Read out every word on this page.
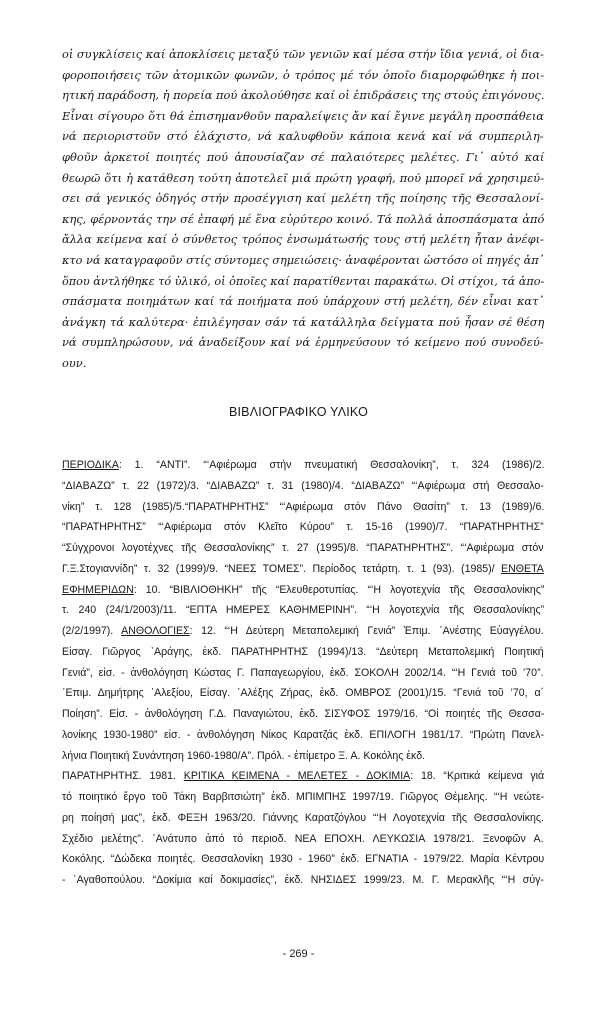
οἱ συγκλίσεις καί ἀποκλίσεις μεταξύ τῶν γενιῶν καί μέσα στήν ἴδια γενιά, οἱ δια-
φοροποιήσεις τῶν ἀτομικῶν φωνῶν, ὁ τρόπος μέ τόν ὁποῖο διαμορφώθηκε ἡ ποι-
ητική παράδοση, ἡ πορεία πού ἀκολούθησε καί οἱ ἐπιδράσεις της στούς ἐπιγόνους.
Εἶναι σίγουρο ὅτι θά ἐπισημανθοῦν παραλείψεις ἄν καί ἔγινε μεγάλη προσπάθεια
νά περιοριστοῦν στό ἐλάχιστο, νά καλυφθοῦν κάποια κενά καί νά συμπεριλη-
φθοῦν ἀρκετοί ποιητές πού ἀπουσίαζαν σέ παλαιότερες μελέτες. Γι᾽ αὐτό καί
θεωρῶ ὅτι ἡ κατάθεση τούτη ἀποτελεῖ μιά πρώτη γραφή, πού μπορεῖ νά χρησιμεύ-
σει σά γενικός ὁδηγός στήν προσέγγιση καί μελέτη τῆς ποίησης τῆς Θεσσαλονί-
κης, φέρνοντάς την σέ ἐπαφή μέ ἕνα εὐρύτερο κοινό. Τά πολλά ἀποσπάσματα ἀπό
ἄλλα κείμενα καί ὁ σύνθετος τρόπος ἐνσωμάτωσής τους στή μελέτη ἦταν ἀνέφι-
κτο νά καταγραφοῦν στίς σύντομες σημειώσεις· ἀναφέρονται ὡστόσο οἱ πηγές ἀπ᾽
ὅπου ἀντλήθηκε τό ὑλικό, οἱ ὁποῖες καί παρατίθενται παρακάτω. Οἱ στίχοι, τά ἀπο-
σπάσματα ποιημάτων καί τά ποιήματα πού ὑπάρχουν στή μελέτη, δέν εἶναι κατ᾽
ἀνάγκη τά καλύτερα· ἐπιλέγησαν σάν τά κατάλληλα δείγματα πού ἦσαν σέ θέση
νά συμπληρώσουν, νά ἀναδείξουν καί νά ἑρμηνεύσουν τό κείμενο πού συνοδεύ-
ουν.
ΒΙΒΛΙΟΓΡΑΦΙΚΟ ΥΛΙΚΟ
ΠΕΡΙΟΔΙΚΑ: 1. “ΑΝΤΙ”. “‘Αφιέρωμα στήν πνευματική Θεσσαλονίκη”, τ. 324 (1986)/2.
“ΔΙΑΒΑΖΩ” τ. 22 (1972)/3. “ΔΙΑΒΑΖΩ” τ. 31 (1980)/4. “ΔΙΑΒΑΖΩ” “‘Αφιέρωμα στή Θεσσαλο-
νίκη” τ. 128 (1985)/5.“ΠΑΡΑΤΗΡΗΤΗΣ” “‘Αφιέρωμα στόν Πάνο Θασίτη” τ. 13 (1989)/6.
“ΠΑΡΑΤΗΡΗΤΗΣ” “‘Αφιέρωμα στόν Κλεῖτο Κύρου” τ. 15-16 (1990)/7. “ΠΑΡΑΤΗΡΗΤΗΣ”
“Σύγχρονοι λογοτέχνες τῆς Θεσσαλονίκης” τ. 27 (1995)/8. “ΠΑΡΑΤΗΡΗΤΗΣ”. “‘Αφιέρωμα στόν
Γ.Ξ.Στογιαννίδη” τ. 32 (1999)/9. “ΝΕΕΣ ΤΟΜΕΣ”. Περίοδος τετάρτη. τ. 1 (93). (1985)/ ΕΝΘΕΤΑ
ΕΦΗΜΕΡΙΔΩΝ: 10. “ΒΙΒΛΙΟΘΗΚΗ” τῆς “Ελευθεροτυπίας. “‘Η λογοτεχνία τῆς Θεσσαλονίκης”
τ. 240 (24/1/2003)/11. “ΕΠΤΑ ΗΜΕΡΕΣ ΚΑΘΗΜΕΡΙΝΗ”. “‘Η λογοτεχνία τῆς Θεσσαλονίκης”
(2/2/1997). ΑΝΘΟΛΟΓΙΕΣ: 12. “‘Η Δεύτερη Μεταπολεμική Γενιά” Ἐπιμ. ᾽Ανέστης Εὐαγγέλου.
Εἰσαγ. Γιῶργος ᾽Αράγης, ἐκδ. ΠΑΡΑΤΗΡΗΤΗΣ (1994)/13. “Δεύτερη Μεταπολεμική Ποιητική
Γενιά”, εἰσ. - ἀνθολόγηση Κώστας Γ. Παπαγεωργίου, ἐκδ. ΣΟΚΟΛΗ 2002/14. “‘Η Γενιά τοῦ ’70”.
᾽Επιμ. Δημήτρης ᾽Αλεξίου, Εἰσαγ. ᾽Αλέξης Ζήρας, ἐκδ. ΟΜΒΡΟΣ (2001)/15. “Γενιά τοῦ ’70, α´
Ποίηση”. Εἰσ. - ἀνθολόγηση Γ.Δ. Παναγιώτου, ἐκδ. ΣΙΣΥΦΟΣ 1979/16. “Οἱ ποιητές τῆς Θεσσα-
λονίκης 1930-1980” εἰσ. - ἀνθολόγηση Νίκος Καρατζάς ἐκδ. ΕΠΙΛΟΓΗ 1981/17. “Πρώτη Πανελ-
λήνια Ποιητική Συνάντηση 1960-1980/Α”. Πρόλ. - ἐπίμετρο Ξ. Α. Κοκόλης ἐκδ.
ΠΑΡΑΤΗΡΗΤΗΣ. 1981. ΚΡΙΤΙΚΑ ΚΕΙΜΕΝΑ - ΜΕΛΕΤΕΣ - ΔΟΚΙΜΙΑ: 18. “Κριτικά κείμενα γιά
τό ποιητικό ἔργο τοῦ Τάκη Βαρβιτσιώτη” ἐκδ. ΜΠΙΜΠΗΣ 1997/19. Γιῶργος Θέμελης. “‘Η νεώτε-
ρη ποίησή μας”, ἐκδ. ΦΕΞΗ 1963/20. Γιάννης Καρατζόγλου “‘Η Λογοτεχνία τῆς Θεσσαλονίκης.
Σχέδιο μελέτης”. ᾽Ανάτυπο ἀπό τό περιοδ. ΝΕΑ ΕΠΟΧΗ. ΛΕΥΚΩΣΙΑ 1978/21. Ξενοφῶν Α.
Κοκόλης. “Δώδεκα ποιητές. Θεσσαλονίκη 1930 - 1960” ἐκδ. ΕΓΝΑΤΙΑ - 1979/22. Μαρία Κέντρου
- ᾽Αγαθοπούλου. “Δοκίμια καί δοκιμασίες”, ἐκδ. ΝΗΣΙΔΕΣ 1999/23. Μ. Γ. Μερακλῆς “‘Η σύγ-
- 269 -
